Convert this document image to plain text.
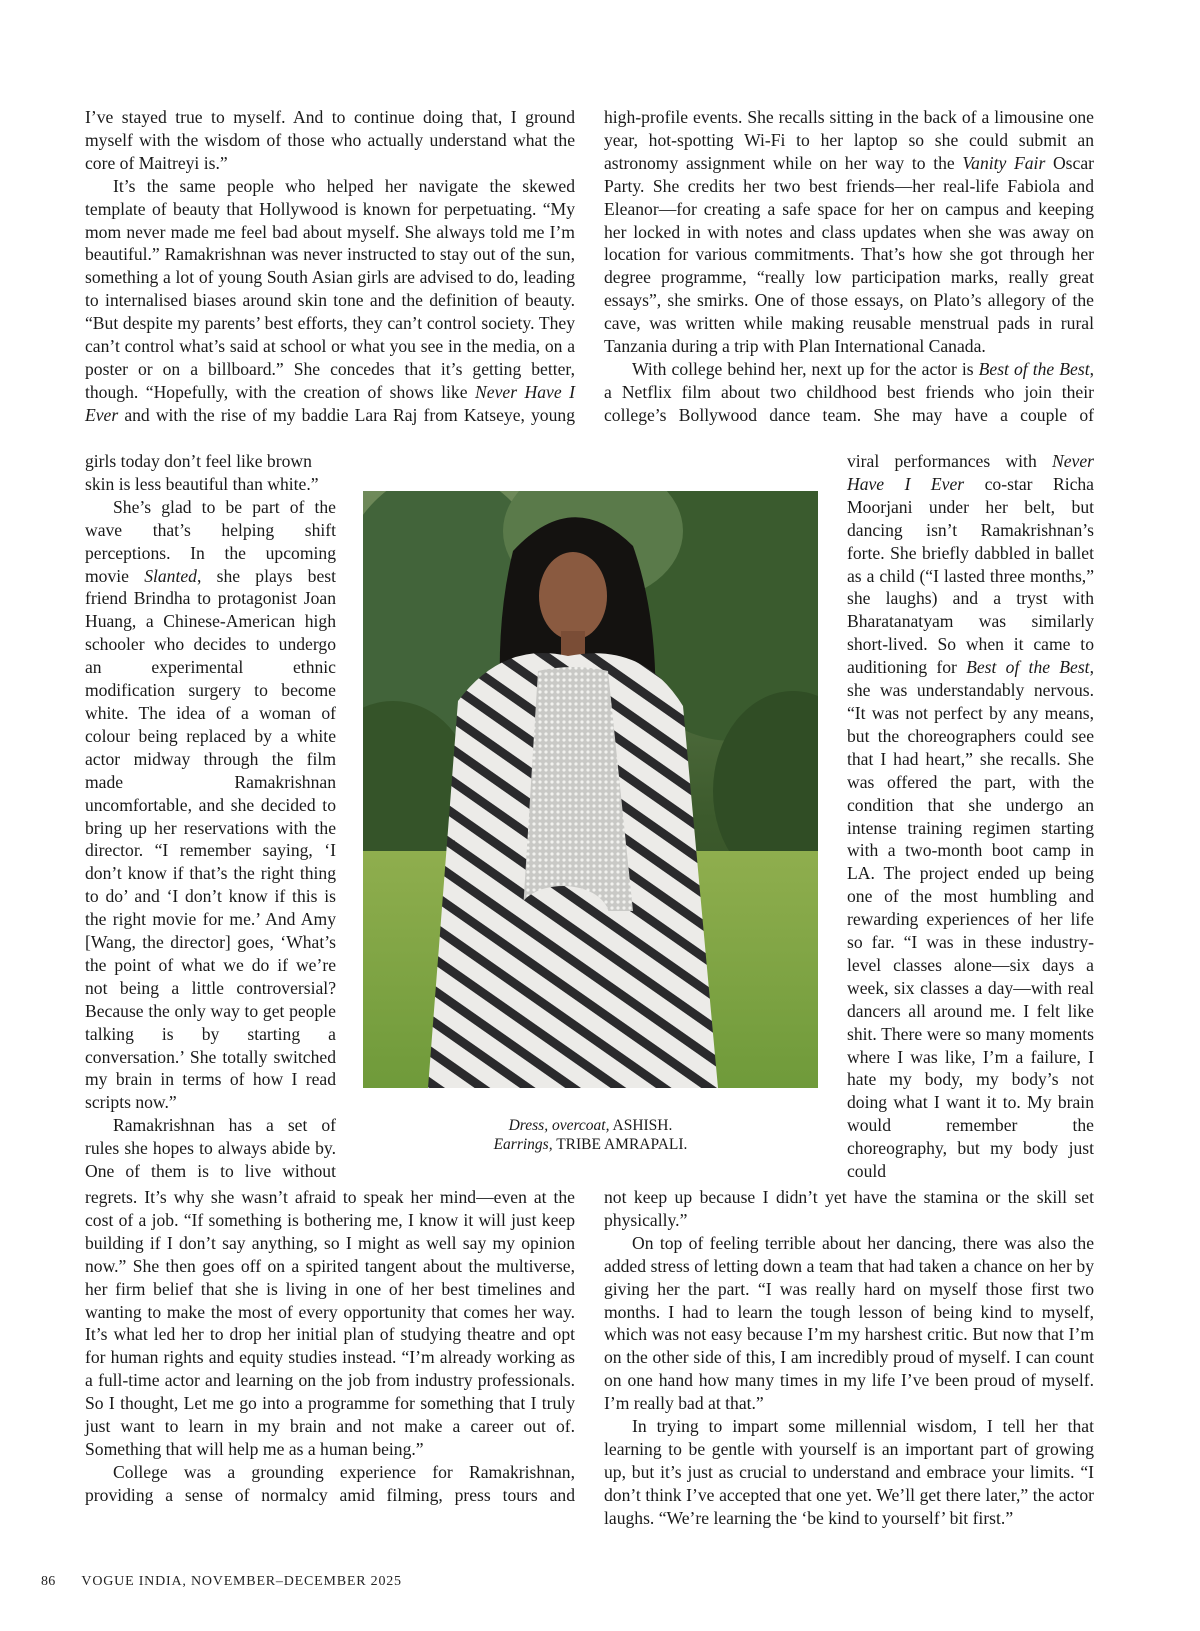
I’ve stayed true to myself. And to continue doing that, I ground myself with the wisdom of those who actually understand what the core of Maitreyi is.”

It’s the same people who helped her navigate the skewed template of beauty that Hollywood is known for perpetuating. “My mom never made me feel bad about myself. She always told me I’m beautiful.” Ramakrishnan was never instructed to stay out of the sun, something a lot of young South Asian girls are advised to do, leading to internalised biases around skin tone and the definition of beauty. “But despite my parents’ best efforts, they can’t control society. They can’t control what’s said at school or what you see in the media, on a poster or on a billboard.” She concedes that it’s getting better, though. “Hopefully, with the creation of shows like Never Have I Ever and with the rise of my baddie Lara Raj from Katseye, young

girls today don’t feel like brown skin is less beautiful than white.”

She’s glad to be part of the wave that’s helping shift perceptions. In the upcoming movie Slanted, she plays best friend Brindha to protagonist Joan Huang, a Chinese-American high schooler who decides to undergo an experimental ethnic modification surgery to become white. The idea of a woman of colour being replaced by a white actor midway through the film made Ramakrishnan uncomfortable, and she decided to bring up her reservations with the director. “I remember saying, ‘I don’t know if that’s the right thing to do’ and ‘I don’t know if this is the right movie for me.’ And Amy [Wang, the director] goes, ‘What’s the point of what we do if we’re not being a little controversial? Because the only way to get people talking is by starting a conversation.’ She totally switched my brain in terms of how I read scripts now.”

Ramakrishnan has a set of rules she hopes to always abide by. One of them is to live without

regrets. It’s why she wasn’t afraid to speak her mind—even at the cost of a job. “If something is bothering me, I know it will just keep building if I don’t say anything, so I might as well say my opinion now.” She then goes off on a spirited tangent about the multiverse, her firm belief that she is living in one of her best timelines and wanting to make the most of every opportunity that comes her way. It’s what led her to drop her initial plan of studying theatre and opt for human rights and equity studies instead. “I’m already working as a full-time actor and learning on the job from industry professionals. So I thought, Let me go into a programme for something that I truly just want to learn in my brain and not make a career out of. Something that will help me as a human being.”

College was a grounding experience for Ramakrishnan, providing a sense of normalcy amid filming, press tours and

high-profile events. She recalls sitting in the back of a limousine one year, hot-spotting Wi-Fi to her laptop so she could submit an astronomy assignment while on her way to the Vanity Fair Oscar Party. She credits her two best friends—her real-life Fabiola and Eleanor—for creating a safe space for her on campus and keeping her locked in with notes and class updates when she was away on location for various commitments. That’s how she got through her degree programme, “really low participation marks, really great essays”, she smirks. One of those essays, on Plato’s allegory of the cave, was written while making reusable menstrual pads in rural Tanzania during a trip with Plan International Canada.

With college behind her, next up for the actor is Best of the Best, a Netflix film about two childhood best friends who join their college’s Bollywood dance team. She may have a couple of

viral performances with Never Have I Ever co-star Richa Moorjani under her belt, but dancing isn’t Ramakrishnan’s forte. She briefly dabbled in ballet as a child (“I lasted three months,” she laughs) and a tryst with Bharatanatyam was similarly short-lived. So when it came to auditioning for Best of the Best, she was understandably nervous. “It was not perfect by any means, but the choreographers could see that I had heart,” she recalls. She was offered the part, with the condition that she undergo an intense training regimen starting with a two-month boot camp in LA. The project ended up being one of the most humbling and rewarding experiences of her life so far. “I was in these industry-level classes alone—six days a week, six classes a day—with real dancers all around me. I felt like shit. There were so many moments where I was like, I’m a failure, I hate my body, my body’s not doing what I want it to. My brain would remember the choreography, but my body just could

not keep up because I didn’t yet have the stamina or the skill set physically.”

On top of feeling terrible about her dancing, there was also the added stress of letting down a team that had taken a chance on her by giving her the part. “I was really hard on myself those first two months. I had to learn the tough lesson of being kind to myself, which was not easy because I’m my harshest critic. But now that I’m on the other side of this, I am incredibly proud of myself. I can count on one hand how many times in my life I’ve been proud of myself. I’m really bad at that.”

In trying to impart some millennial wisdom, I tell her that learning to be gentle with yourself is an important part of growing up, but it’s just as crucial to understand and embrace your limits. “I don’t think I’ve accepted that one yet. We’ll get there later,” the actor laughs. “We’re learning the ‘be kind to yourself’ bit first.”

Dress, overcoat, ASHISH.
Earrings, TRIBE AMRAPALI.
86 VOGUE INDIA, NOVEMBER–DECEMBER 2025
